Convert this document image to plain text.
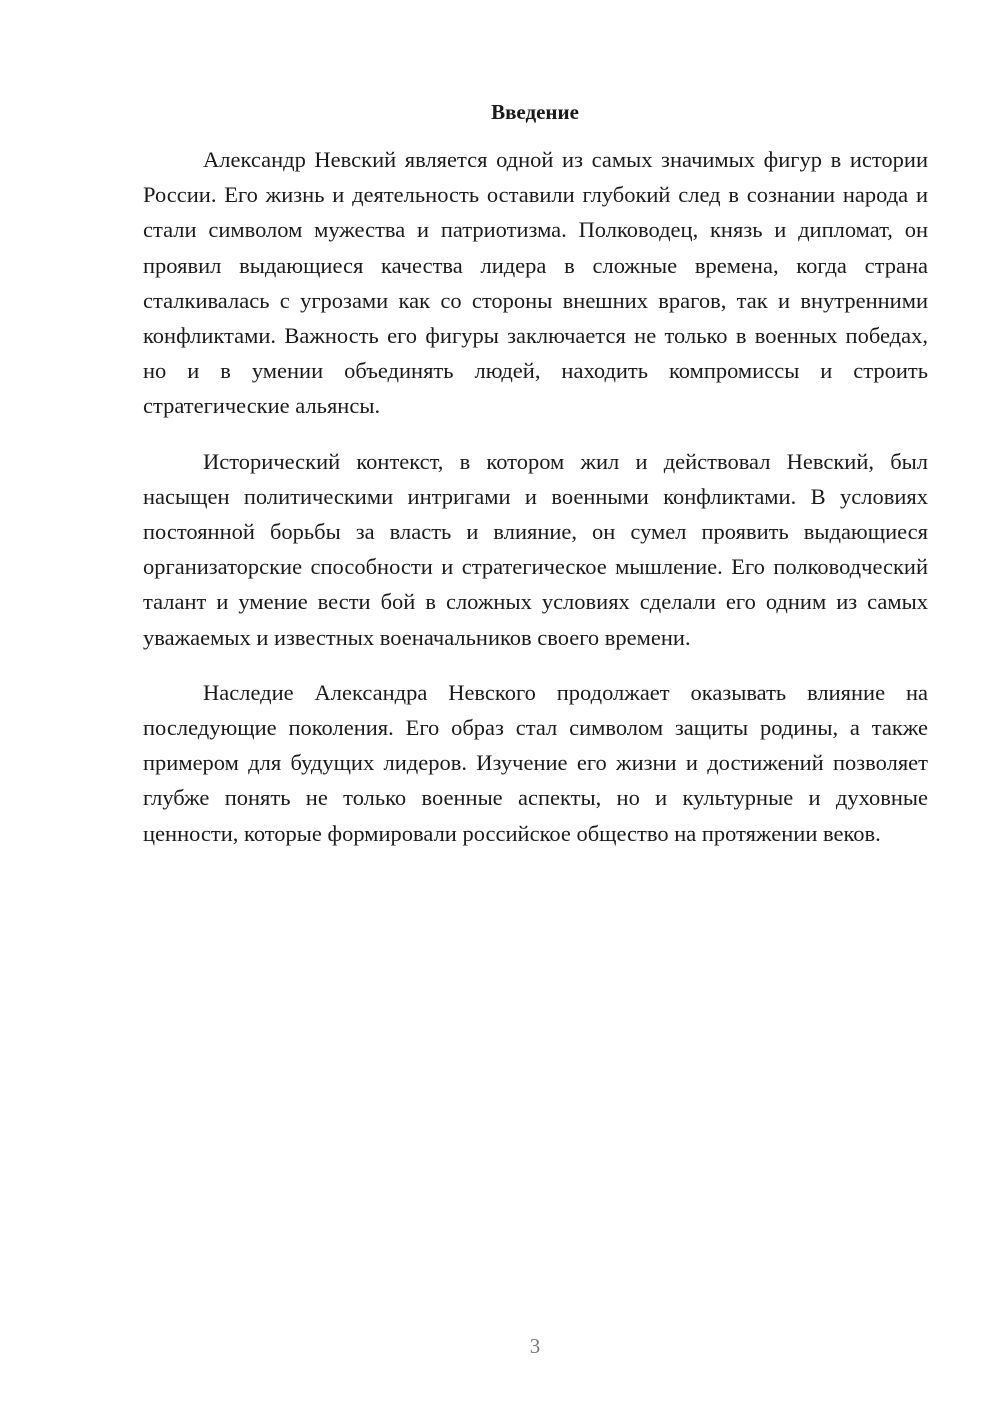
Введение

Александр Невский является одной из самых значимых фигур в истории России. Его жизнь и деятельность оставили глубокий след в сознании народа и стали символом мужества и патриотизма. Полководец, князь и дипломат, он проявил выдающиеся качества лидера в сложные времена, когда страна сталкивалась с угрозами как со стороны внешних врагов, так и внутренними конфликтами. Важность его фигуры заключается не только в военных победах, но и в умении объединять людей, находить компромиссы и строить стратегические альянсы.

Исторический контекст, в котором жил и действовал Невский, был насыщен политическими интригами и военными конфликтами. В условиях постоянной борьбы за власть и влияние, он сумел проявить выдающиеся организаторские способности и стратегическое мышление. Его полководческий талант и умение вести бой в сложных условиях сделали его одним из самых уважаемых и известных военачальников своего времени.

Наследие Александра Невского продолжает оказывать влияние на последующие поколения. Его образ стал символом защиты родины, а также примером для будущих лидеров. Изучение его жизни и достижений позволяет глубже понять не только военные аспекты, но и культурные и духовные ценности, которые формировали российское общество на протяжении веков.

3
